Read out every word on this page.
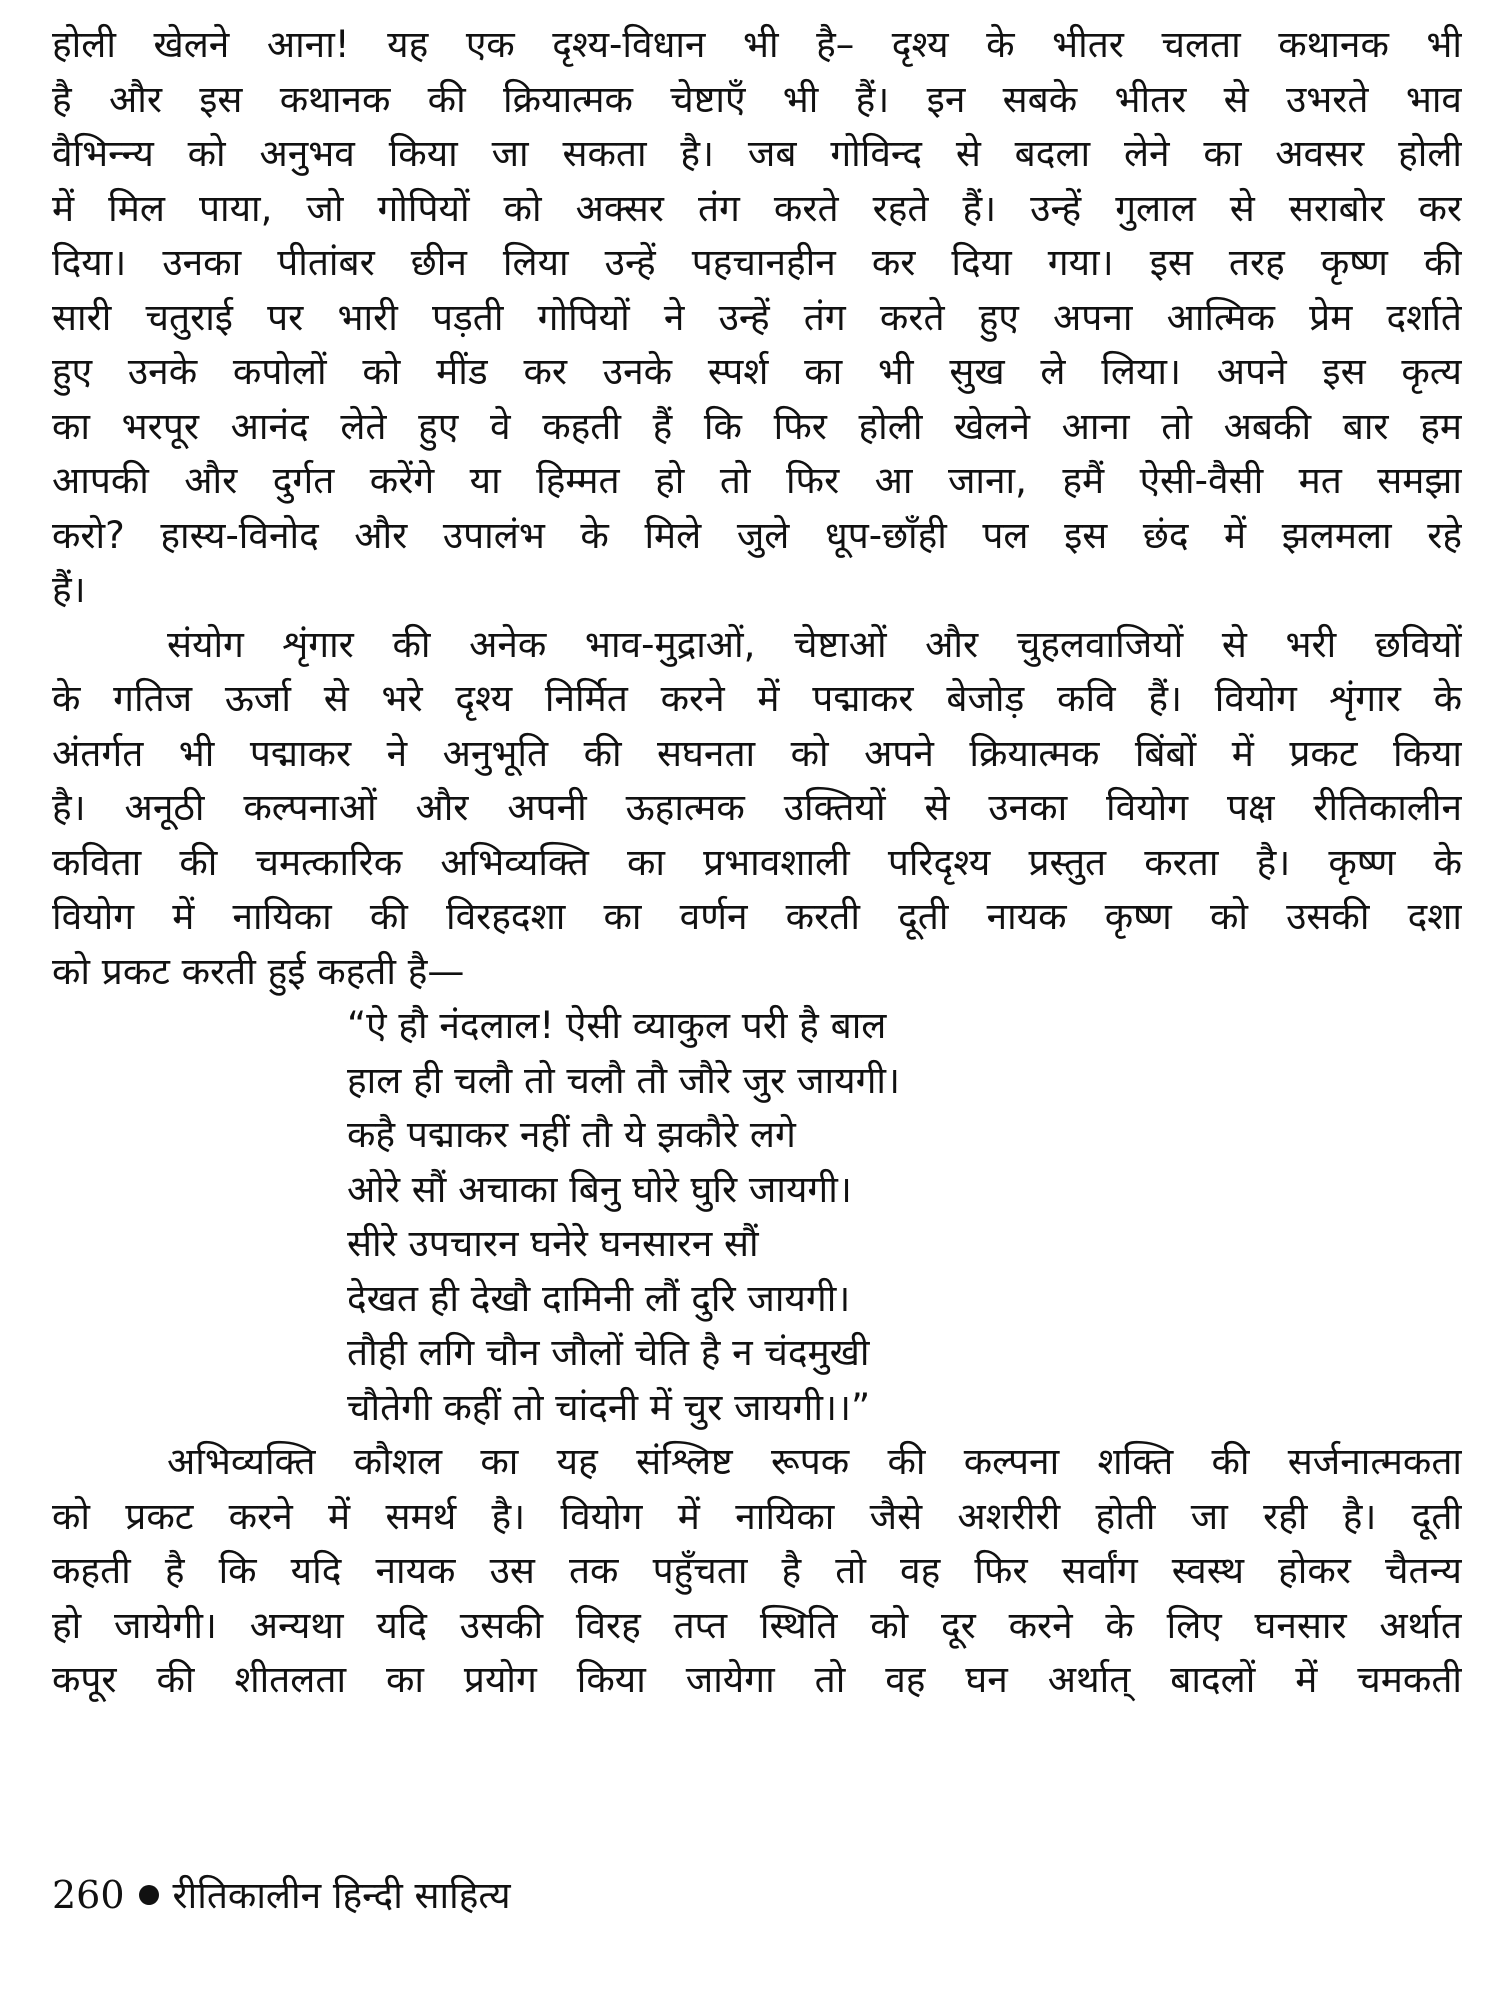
होली खेलने आना! यह एक दृश्य-विधान भी है– दृश्य के भीतर चलता कथानक भी
है और इस कथानक की क्रियात्मक चेष्टाएँ भी हैं। इन सबके भीतर से उभरते भाव
वैभिन्न्य को अनुभव किया जा सकता है। जब गोविन्द से बदला लेने का अवसर होली
में मिल पाया, जो गोपियों को अक्सर तंग करते रहते हैं। उन्हें गुलाल से सराबोर कर
दिया। उनका पीतांबर छीन लिया उन्हें पहचानहीन कर दिया गया। इस तरह कृष्ण की
सारी चतुराई पर भारी पड़ती गोपियों ने उन्हें तंग करते हुए अपना आत्मिक प्रेम दर्शाते
हुए उनके कपोलों को मींड कर उनके स्पर्श का भी सुख ले लिया। अपने इस कृत्य
का भरपूर आनंद लेते हुए वे कहती हैं कि फिर होली खेलने आना तो अबकी बार हम
आपकी और दुर्गत करेंगे या हिम्मत हो तो फिर आ जाना, हमैं ऐसी-वैसी मत समझा
करो? हास्य-विनोद और उपालंभ के मिले जुले धूप-छाँही पल इस छंद में झलमला रहे
हैं।
संयोग शृंगार की अनेक भाव-मुद्राओं, चेष्टाओं और चुहलवाजियों से भरी छवियों
के गतिज ऊर्जा से भरे दृश्य निर्मित करने में पद्माकर बेजोड़ कवि हैं। वियोग शृंगार के
अंतर्गत भी पद्माकर ने अनुभूति की सघनता को अपने क्रियात्मक बिंबों में प्रकट किया
है। अनूठी कल्पनाओं और अपनी ऊहात्मक उक्तियों से उनका वियोग पक्ष रीतिकालीन
कविता की चमत्कारिक अभिव्यक्ति का प्रभावशाली परिदृश्य प्रस्तुत करता है। कृष्ण के
वियोग में नायिका की विरहदशा का वर्णन करती दूती नायक कृष्ण को उसकी दशा
को प्रकट करती हुई कहती है—
“ऐ हौ नंदलाल! ऐसी व्याकुल परी है बाल
हाल ही चलौ तो चलौ तौ जौरे जुर जायगी।
कहै पद्माकर नहीं तौ ये झकौरे लगे
ओरे सौं अचाका बिनु घोरे घुरि जायगी।
सीरे उपचारन घनेरे घनसारन सौं
देखत ही देखौ दामिनी लौं दुरि जायगी।
तौही लगि चौन जौलों चेति है न चंदमुखी
चौतेगी कहीं तो चांदनी में चुर जायगी।।”
अभिव्यक्ति कौशल का यह संश्लिष्ट रूपक की कल्पना शक्ति की सर्जनात्मकता
को प्रकट करने में समर्थ है। वियोग में नायिका जैसे अशरीरी होती जा रही है। दूती
कहती है कि यदि नायक उस तक पहुँचता है तो वह फिर सर्वांग स्वस्थ होकर चैतन्य
हो जायेगी। अन्यथा यदि उसकी विरह तप्त स्थिति को दूर करने के लिए घनसार अर्थात
कपूर की शीतलता का प्रयोग किया जायेगा तो वह घन अर्थात् बादलों में चमकती
260 रीतिकालीन हिन्दी साहित्य
